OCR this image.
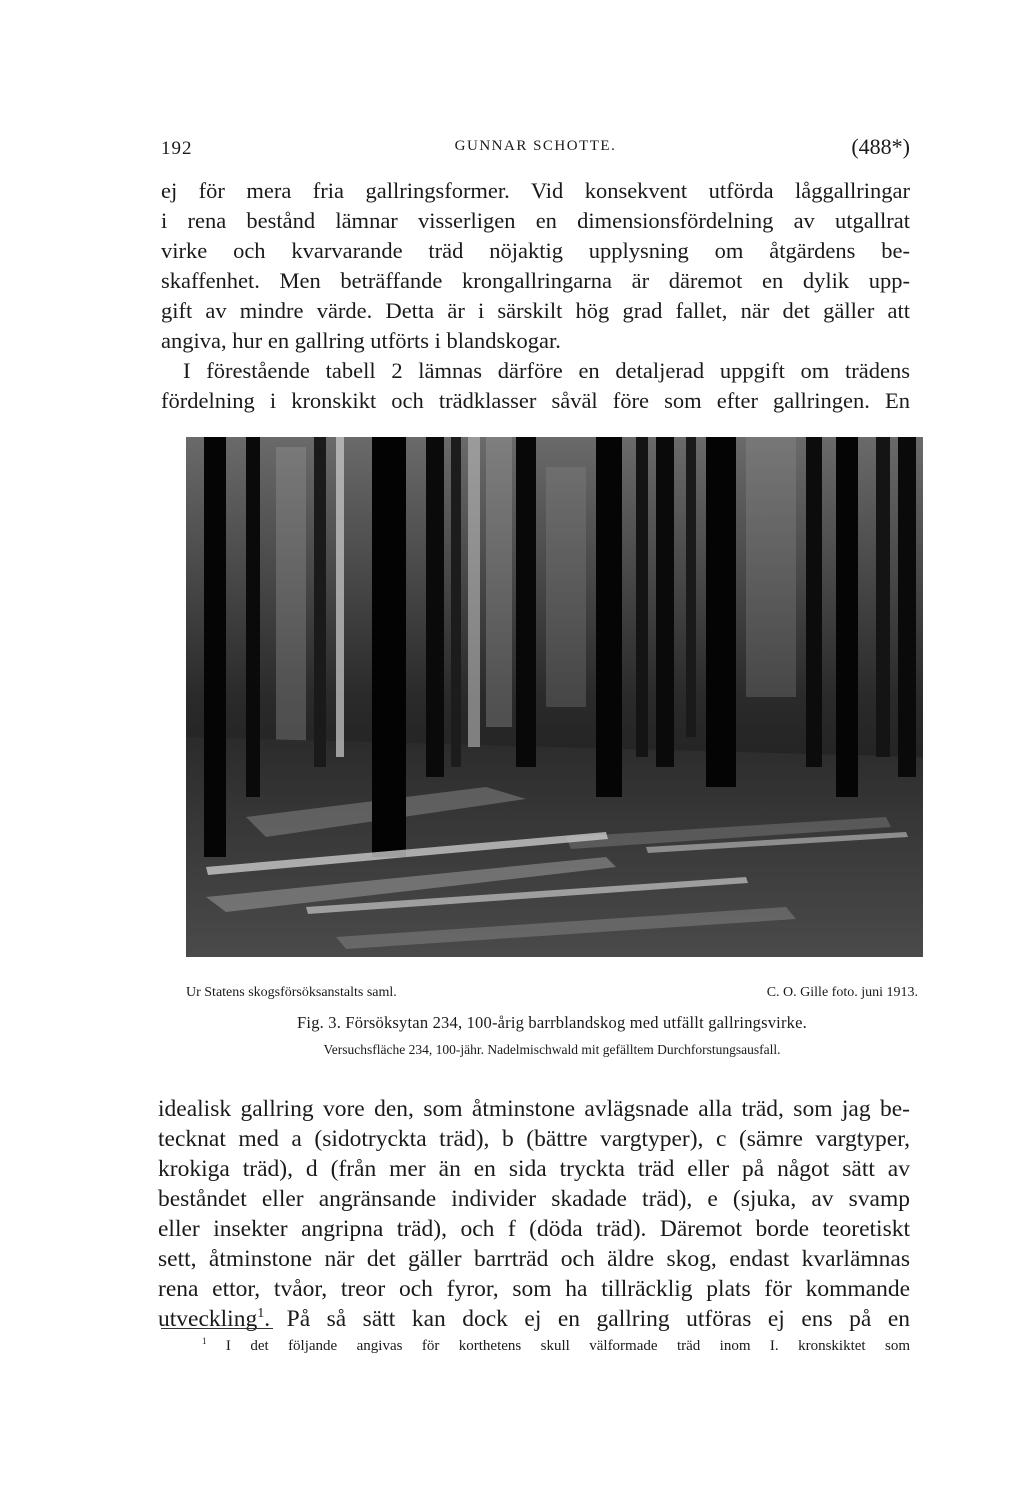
192	GUNNAR SCHOTTE.	(488*)
ej för mera fria gallringsformer. Vid konsekvent utförda låggallringar
i rena bestånd lämnar visserligen en dimensionsfördelning av utgallrat
virke och kvarvarande träd nöjaktig upplysning om åtgärdens be-
skaffenhet. Men beträffande krongallringarna är däremot en dylik upp-
gift av mindre värde. Detta är i särskilt hög grad fallet, när det gäller att
angiva, hur en gallring utförts i blandskogar.
I förestående tabell 2 lämnas därföre en detaljerad uppgift om trädens
fördelning i kronskikt och trädklasser såväl före som efter gallringen. En
Ur Statens skogsförsöksanstalts saml.	C. O. Gille foto. juni 1913.
Fig. 3. Försöksytan 234, 100-årig barrblandskog med utfällt gallringsvirke.
Versuchsfläche 234, 100-jähr. Nadelmischwald mit gefälltem Durchforstungsausfall.
idealisk gallring vore den, som åtminstone avlägsnade alla träd, som jag be-
tecknat med a (sidotryckta träd), b (bättre vargtyper), c (sämre vargtyper,
krokiga träd), d (från mer än en sida tryckta träd eller på något sätt av
beståndet eller angränsande individer skadade träd), e (sjuka, av svamp
eller insekter angripna träd), och f (döda träd). Däremot borde teoretiskt
sett, åtminstone när det gäller barrträd och äldre skog, endast kvarlämnas
rena ettor, tvåor, treor och fyror, som ha tillräcklig plats för kommande
utveckling$^1$. På så sätt kan dock ej en gallring utföras ej ens på en
$^1$ I det följande angivas för korthetens skull välformade träd inom I. kronskiktet som
